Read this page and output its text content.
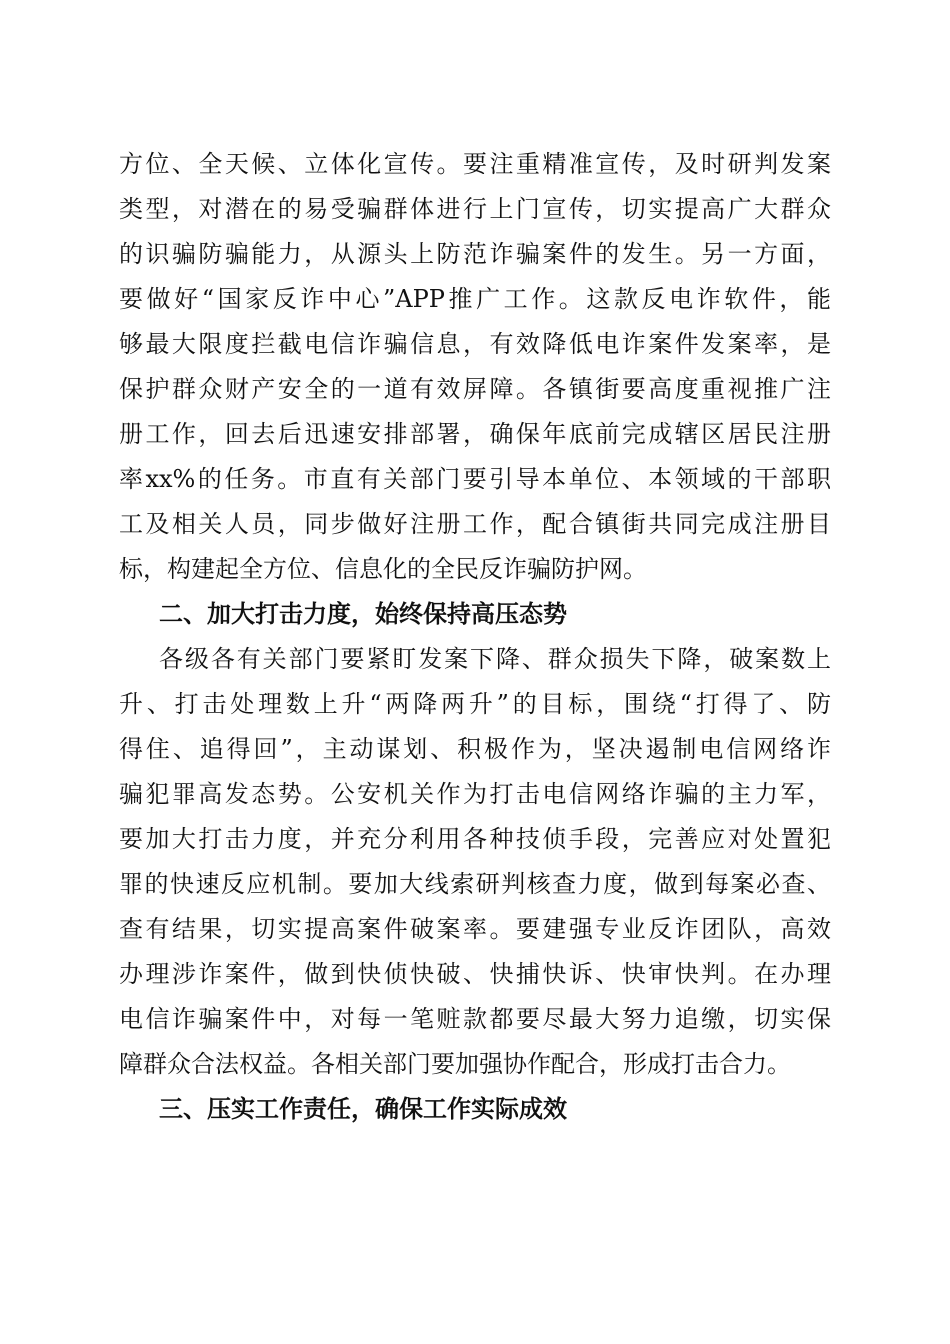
方位、全天候、立体化宣传。要注重精准宣传，及时研判发案
类型，对潜在的易受骗群体进行上门宣传，切实提高广大群众
的识骗防骗能力，从源头上防范诈骗案件的发生。另一方面，
要做好“国家反诈中心”APP推广工作。这款反电诈软件，能
够最大限度拦截电信诈骗信息，有效降低电诈案件发案率，是
保护群众财产安全的一道有效屏障。各镇街要高度重视推广注
册工作，回去后迅速安排部署，确保年底前完成辖区居民注册
率xx%的任务。市直有关部门要引导本单位、本领域的干部职
工及相关人员，同步做好注册工作，配合镇街共同完成注册目
标，构建起全方位、信息化的全民反诈骗防护网。
二、加大打击力度，始终保持高压态势
各级各有关部门要紧盯发案下降、群众损失下降，破案数上
升、打击处理数上升“两降两升”的目标，围绕“打得了、防
得住、追得回”，主动谋划、积极作为，坚决遏制电信网络诈
骗犯罪高发态势。公安机关作为打击电信网络诈骗的主力军，
要加大打击力度，并充分利用各种技侦手段，完善应对处置犯
罪的快速反应机制。要加大线索研判核查力度，做到每案必查、
查有结果，切实提高案件破案率。要建强专业反诈团队，高效
办理涉诈案件，做到快侦快破、快捕快诉、快审快判。在办理
电信诈骗案件中，对每一笔赃款都要尽最大努力追缴，切实保
障群众合法权益。各相关部门要加强协作配合，形成打击合力。
三、压实工作责任，确保工作实际成效
